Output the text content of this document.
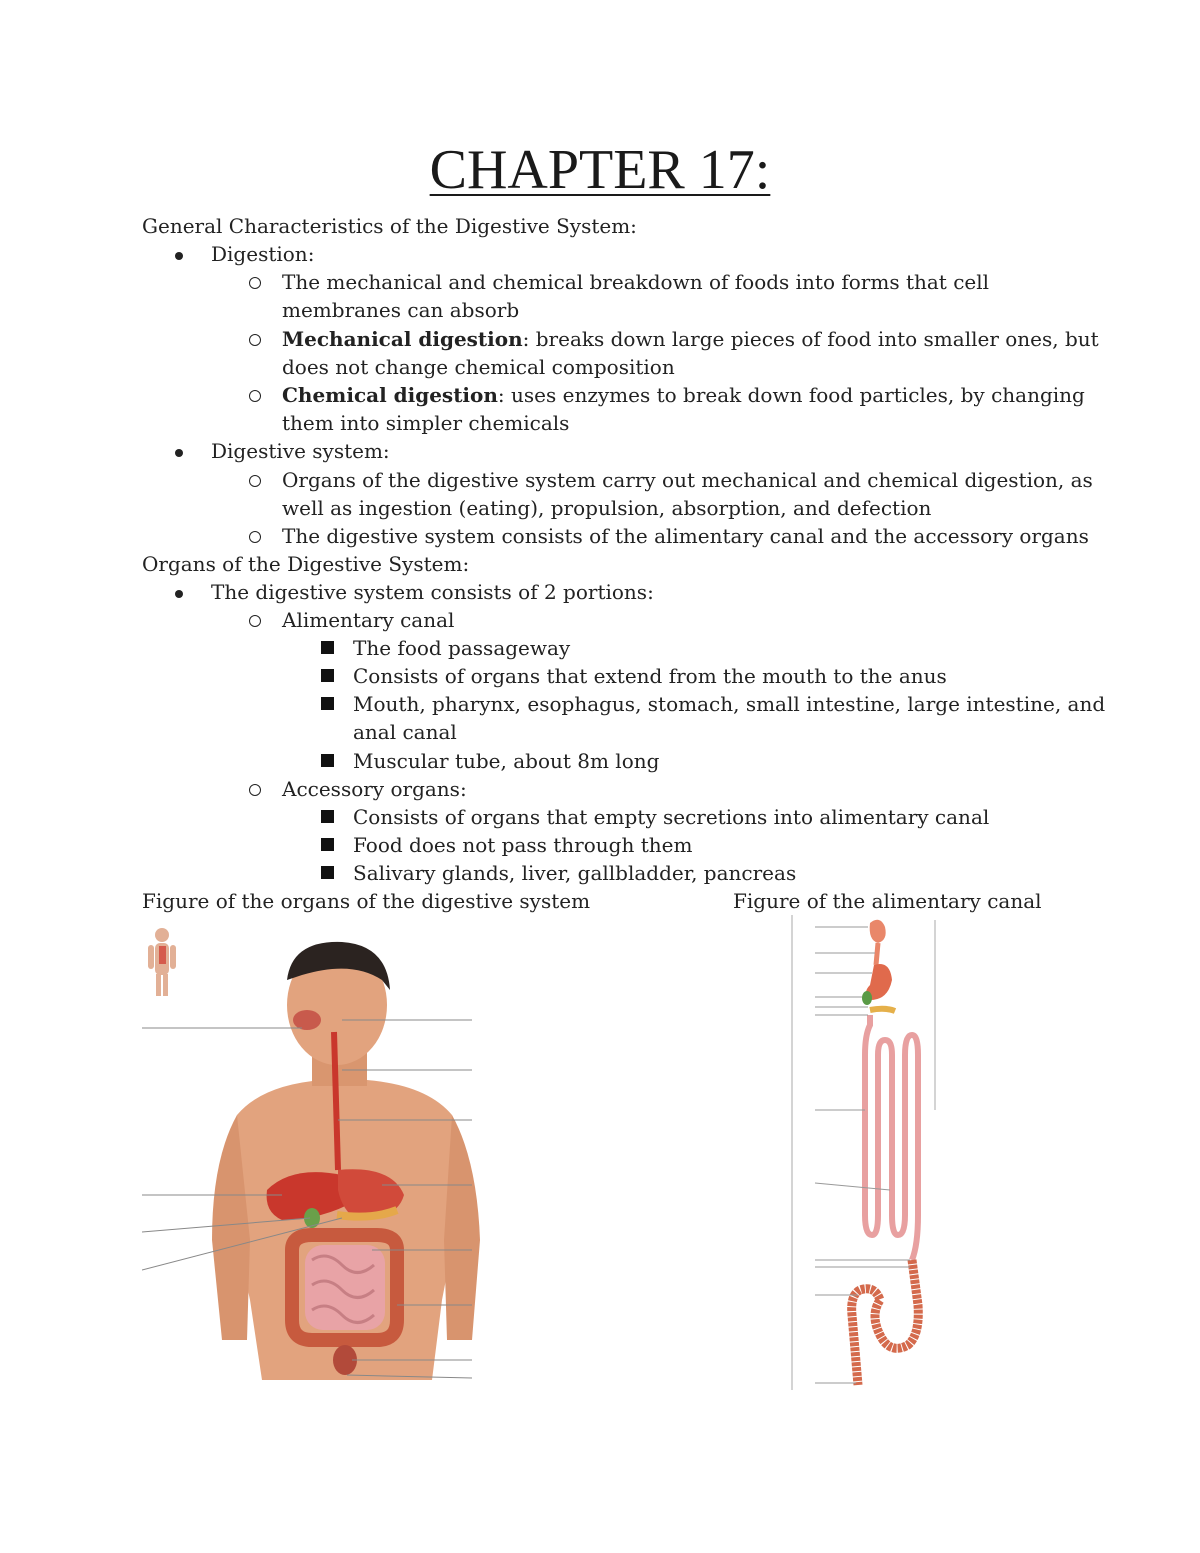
CHAPTER 17:
General Characteristics of the Digestive System:
Digestion:
The mechanical and chemical breakdown of foods into forms that cell
membranes can absorb
Mechanical digestion: breaks down large pieces of food into smaller ones, but
does not change chemical composition
Chemical digestion: uses enzymes to break down food particles, by changing
them into simpler chemicals
Digestive system:
Organs of the digestive system carry out mechanical and chemical digestion, as
well as ingestion (eating), propulsion, absorption, and defection
The digestive system consists of the alimentary canal and the accessory organs
Organs of the Digestive System:
The digestive system consists of 2 portions:
Alimentary canal
The food passageway
Consists of organs that extend from the mouth to the anus
Mouth, pharynx, esophagus, stomach, small intestine, large intestine, and
anal canal
Muscular tube, about 8m long
Accessory organs:
Consists of organs that empty secretions into alimentary canal
Food does not pass through them
Salivary glands, liver, gallbladder, pancreas
Figure of the organs of the digestive system	Figure of the alimentary canal
